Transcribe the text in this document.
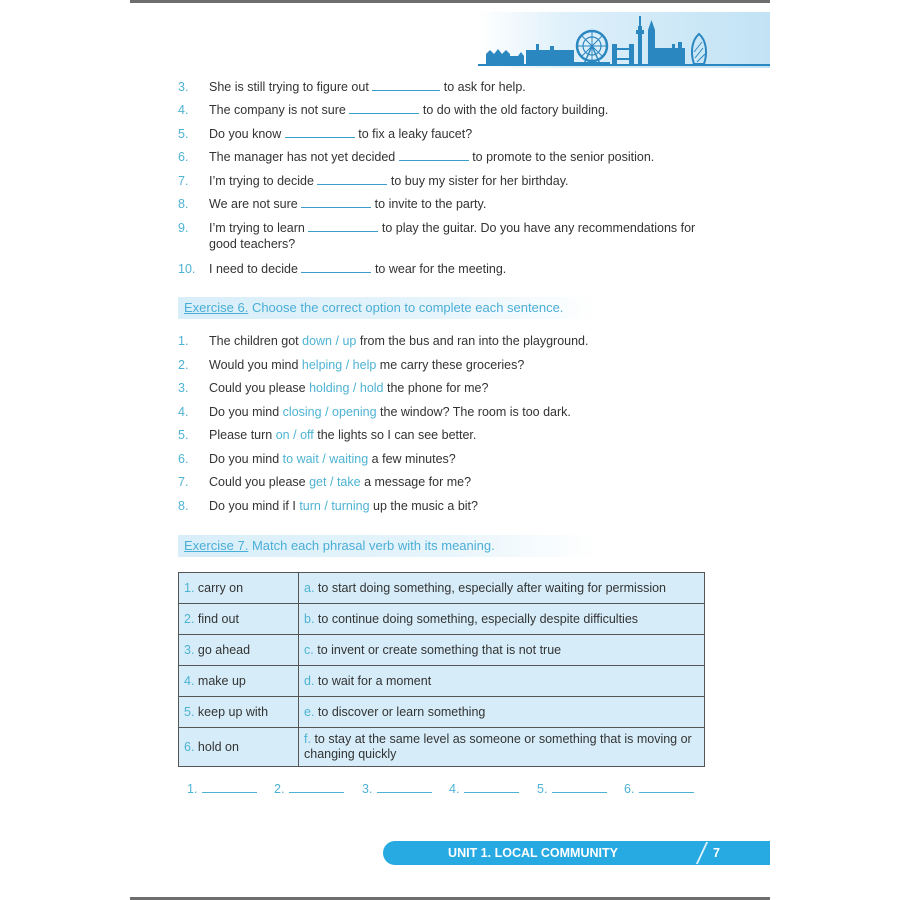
3. She is still trying to figure out	to ask for help.
4. The company is not sure	to do with the old factory building.
5. Do you know	to fix a leaky faucet?
6. The manager has not yet decided	to promote to the senior position.
7. I’m trying to decide	to buy my sister for her birthday.
8. We are not sure	to invite to the party.
9. I’m trying to learn	to play the guitar. Do you have any recommendations for
good teachers?
10. I need to decide	to wear for the meeting.
Exercise 6. Choose the correct option to complete each sentence.
1. The children got down / up from the bus and ran into the playground.
2. Would you mind helping / help me carry these groceries?
3. Could you please holding / hold the phone for me?
4. Do you mind closing / opening the window? The room is too dark.
5. Please turn on / off the lights so I can see better.
6. Do you mind to wait / waiting a few minutes?
7. Could you please get / take a message for me?
8. Do you mind if I turn / turning up the music a bit?
Exercise 7. Match each phrasal verb with its meaning.
1. carry on	a. to start doing something, especially after waiting for permission
2. find out	b. to continue doing something, especially despite difficulties
3. go ahead	c. to invent or create something that is not true
4. make up	d. to wait for a moment
5. keep up with	e. to discover or learn something
6. hold on	f. to stay at the same level as someone or something that is moving or changing quickly
1.	2.	3.	4.	5.	6.
UNIT 1. LOCAL COMMUNITY	7
